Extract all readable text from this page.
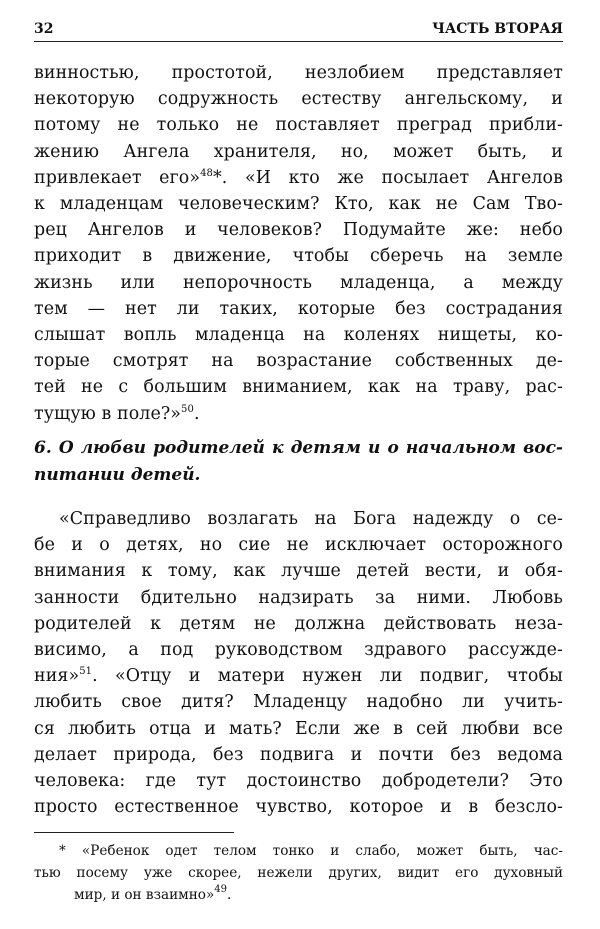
32	ЧАСТЬ ВТОРАЯ
винностью, простотой, незлобием представляет
некоторую содружность естеству ангельскому, и
потому не только не поставляет преград прибли-
жению Ангела хранителя, но, может быть, и
привлекает его»$^{48}$*. «И кто же посылает Ангелов
к младенцам человеческим? Кто, как не Сам Тво-
рец Ангелов и человеков? Подумайте же: небо
приходит в движение, чтобы сберечь на земле
жизнь или непорочность младенца, а между
тем — нет ли таких, которые без сострадания
слышат вопль младенца на коленях нищеты, ко-
торые смотрят на возрастание собственных де-
тей не с большим вниманием, как на траву, рас-
тущую в поле?»$^{50}$.
6. О любви родителей к детям и о начальном вос-
питании детей.
«Справедливо возлагать на Бога надежду о се-
бе и о детях, но сие не исключает осторожного
внимания к тому, как лучше детей вести, и обя-
занности бдительно надзирать за ними. Любовь
родителей к детям не должна действовать неза-
висимо, а под руководством здравого рассужде-
ния»$^{51}$. «Отцу и матери нужен ли подвиг, чтобы
любить свое дитя? Младенцу надобно ли учить-
ся любить отца и мать? Если же в сей любви все
делает природа, без подвига и почти без ведома
человека: где тут достоинство добродетели? Это
просто естественное чувство, которое и в безсло-
* «Ребенок одет телом тонко и слабо, может быть, час-
тью посему уже скорее, нежели других, видит его духовный
мир, и он взаимно»$^{49}$.
